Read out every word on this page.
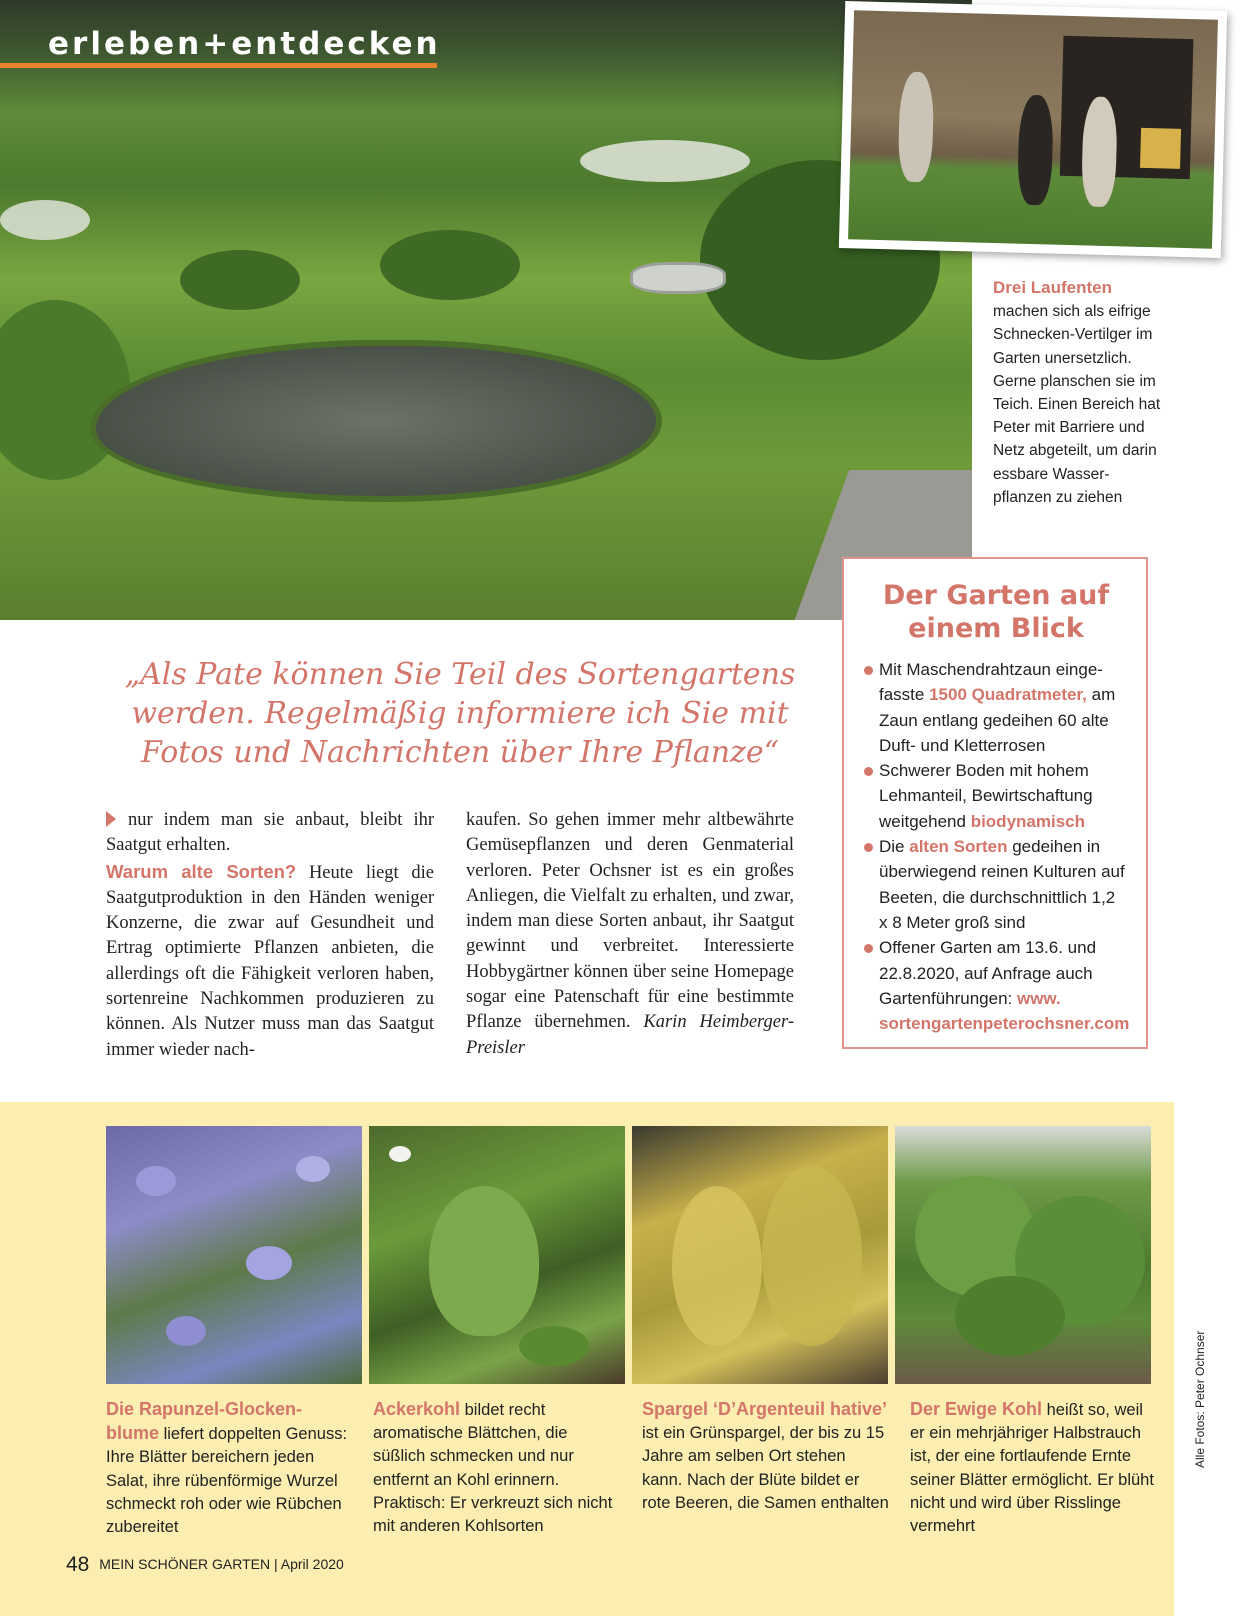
erleben+entdecken
Drei Laufenten
machen sich als eifrige Schnecken-Vertilger im Garten unersetzlich. Gerne planschen sie im Teich. Einen Bereich hat Peter mit Barriere und Netz abgeteilt, um darin essbare Wasser-pflanzen zu ziehen
Der Garten auf einem Blick
Mit Maschendrahtzaun einge-fasste 1500 Quadratmeter, am Zaun entlang gedeihen 60 alte Duft- und Kletterrosen
Schwerer Boden mit hohem Lehmanteil, Bewirtschaftung weitgehend biodynamisch
Die alten Sorten gedeihen in überwiegend reinen Kulturen auf Beeten, die durchschnittlich 1,2 x 8 Meter groß sind
Offener Garten am 13.6. und 22.8.2020, auf Anfrage auch Gartenführungen: www. sortengartenpeterochsner.com
„Als Pate können Sie Teil des Sortengartens werden. Regelmäßig informiere ich Sie mit Fotos und Nachrichten über Ihre Pflanze“
nur indem man sie anbaut, bleibt ihr Saatgut erhalten.
Warum alte Sorten? Heute liegt die Saatgutproduktion in den Händen weniger Konzerne, die zwar auf Gesundheit und Ertrag optimierte Pflanzen anbieten, die allerdings oft die Fähigkeit verloren haben, sortenreine Nachkommen produzieren zu können. Als Nutzer muss man das Saatgut immer wieder nach-
kaufen. So gehen immer mehr altbewährte Gemüsepflanzen und deren Genmaterial verloren. Peter Ochsner ist es ein großes Anliegen, die Vielfalt zu erhalten, und zwar, indem man diese Sorten anbaut, ihr Saatgut gewinnt und verbreitet. Interessierte Hobbygärtner können über seine Homepage sogar eine Patenschaft für eine bestimmte Pflanze übernehmen. Karin Heimberger-Preisler
Die Rapunzel-Glocken-blume liefert doppelten Genuss: Ihre Blätter bereichern jeden Salat, ihre rübenförmige Wurzel schmeckt roh oder wie Rübchen zubereitet
Ackerkohl bildet recht aromatische Blättchen, die süßlich schmecken und nur entfernt an Kohl erinnern. Praktisch: Er verkreuzt sich nicht mit anderen Kohlsorten
Spargel ‘D’Argenteuil hative’ ist ein Grünspargel, der bis zu 15 Jahre am selben Ort stehen kann. Nach der Blüte bildet er rote Beeren, die Samen enthalten
Der Ewige Kohl heißt so, weil er ein mehrjähriger Halbstrauch ist, der eine fortlaufende Ernte seiner Blätter ermöglicht. Er blüht nicht und wird über Risslinge vermehrt
Alle Fotos: Peter Ochnser
48 MEIN SCHÖNER GARTEN | April 2020
